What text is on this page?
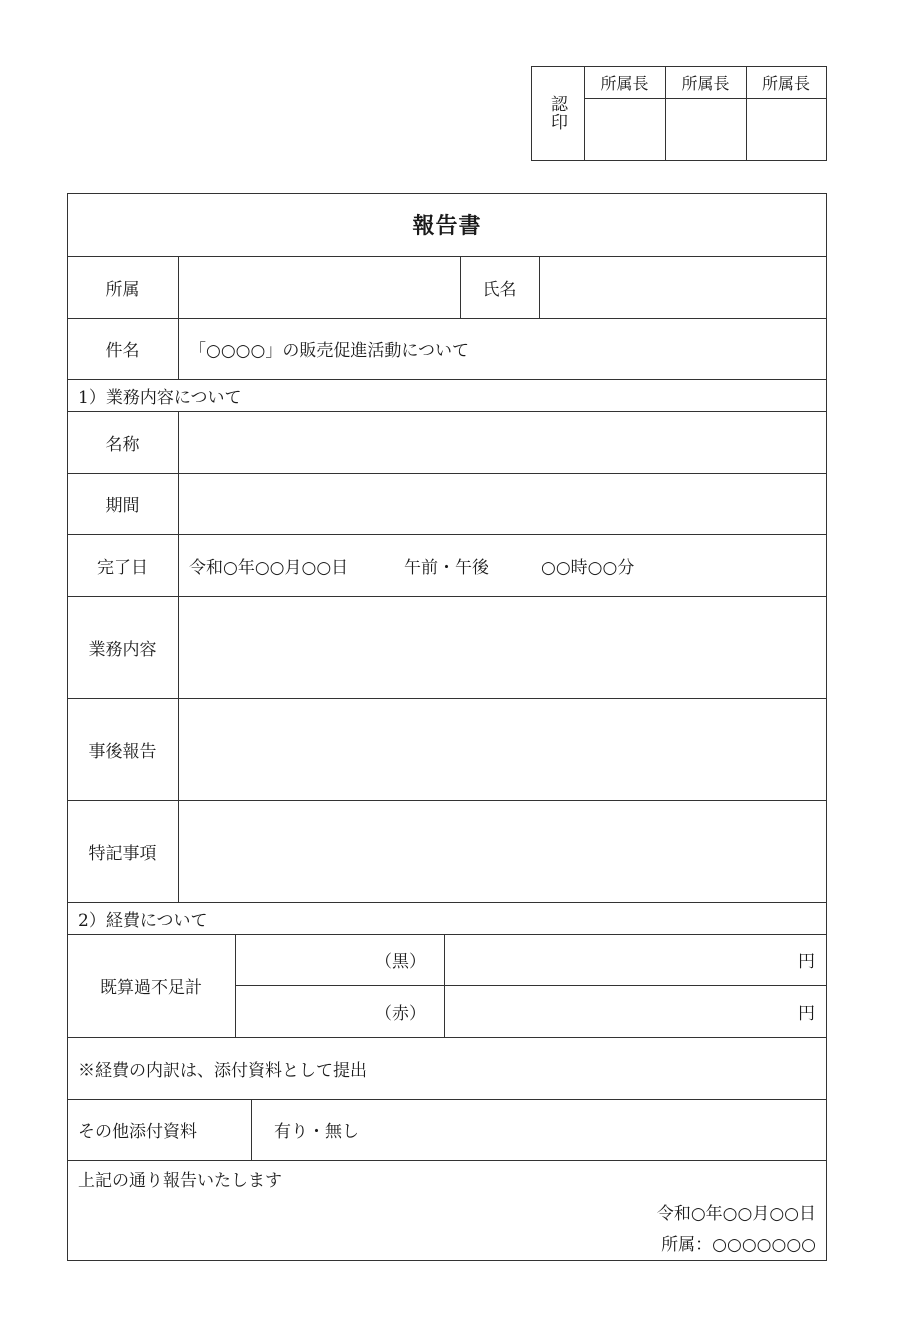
認印
所属長	所属長	所属長
報告書
所属	氏名
件名	「○○○○」の販売促進活動について
1）業務内容について
名称
期間
完了日	令和○年○○月○○日	午前・午後	○○時○○分
業務内容
事後報告
特記事項
2）経費について
既算過不足計
（黒）	円
（赤）	円
※経費の内訳は、添付資料として提出
その他添付資料	有り・無し
上記の通り報告いたします
令和○年○○月○○日
所属：○○○○○○○
